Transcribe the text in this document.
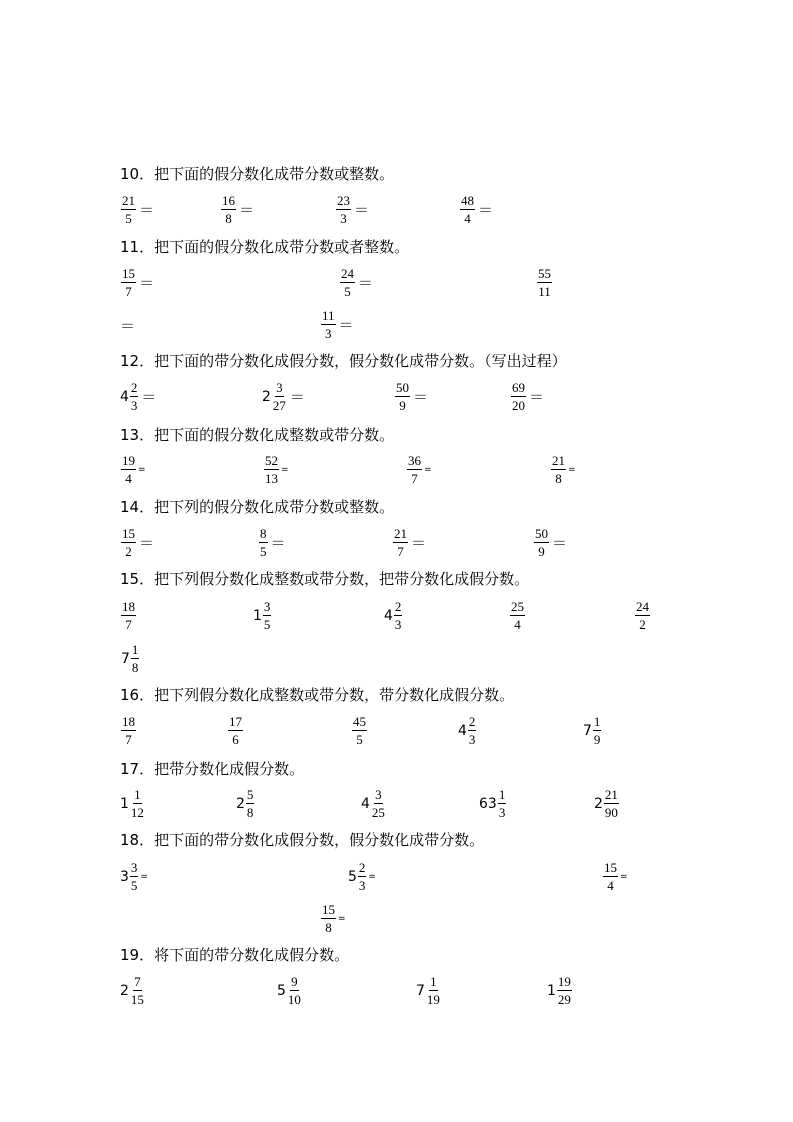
10．把下面的假分数化成带分数或整数。
$\frac{21}{5}$ ＝	$\frac{16}{8}$ ＝	$\frac{23}{3}$ ＝	$\frac{48}{4}$ ＝
11．把下面的假分数化成带分数或者整数。
$\frac{15}{7}$ ＝	$\frac{24}{5}$ ＝	$\frac{55}{11}$
＝	$\frac{11}{3}$ ＝
12．把下面的带分数化成假分数，假分数化成带分数。（写出过程）
$4 \frac{2}{3}$ ＝	$2 \frac{3}{27}$ ＝	$\frac{50}{9}$ ＝	$\frac{69}{20}$ ＝
13．把下面的假分数化成整数或带分数。
$\frac{19}{4}$ =	$\frac{52}{13}$ =	$\frac{36}{7}$ =	$\frac{21}{8}$ =
14．把下列的假分数化成带分数或整数。
$\frac{15}{2}$ ＝	$\frac{8}{5}$ ＝	$\frac{21}{7}$ ＝	$\frac{50}{9}$ ＝
15．把下列假分数化成整数或带分数，把带分数化成假分数。
$\frac{18}{7}$	$1 \frac{3}{5}$	$4 \frac{2}{3}$	$\frac{25}{4}$	$\frac{24}{2}$
$7 \frac{1}{8}$
16．把下列假分数化成整数或带分数，带分数化成假分数。
$\frac{18}{7}$	$\frac{17}{6}$	$\frac{45}{5}$	$4 \frac{2}{3}$	$7 \frac{1}{9}$
17．把带分数化成假分数。
$1 \frac{1}{12}$	$2 \frac{5}{8}$	$4 \frac{3}{25}$	$63 \frac{1}{3}$	$2 \frac{21}{90}$
18．把下面的带分数化成假分数，假分数化成带分数。
$3 \frac{3}{5}$ =	$5 \frac{2}{3}$ =	$\frac{15}{4}$ =
$\frac{15}{8}$ =
19．将下面的带分数化成假分数。
$2 \frac{7}{15}$	$5 \frac{9}{10}$	$7 \frac{1}{19}$	$1 \frac{19}{29}$
